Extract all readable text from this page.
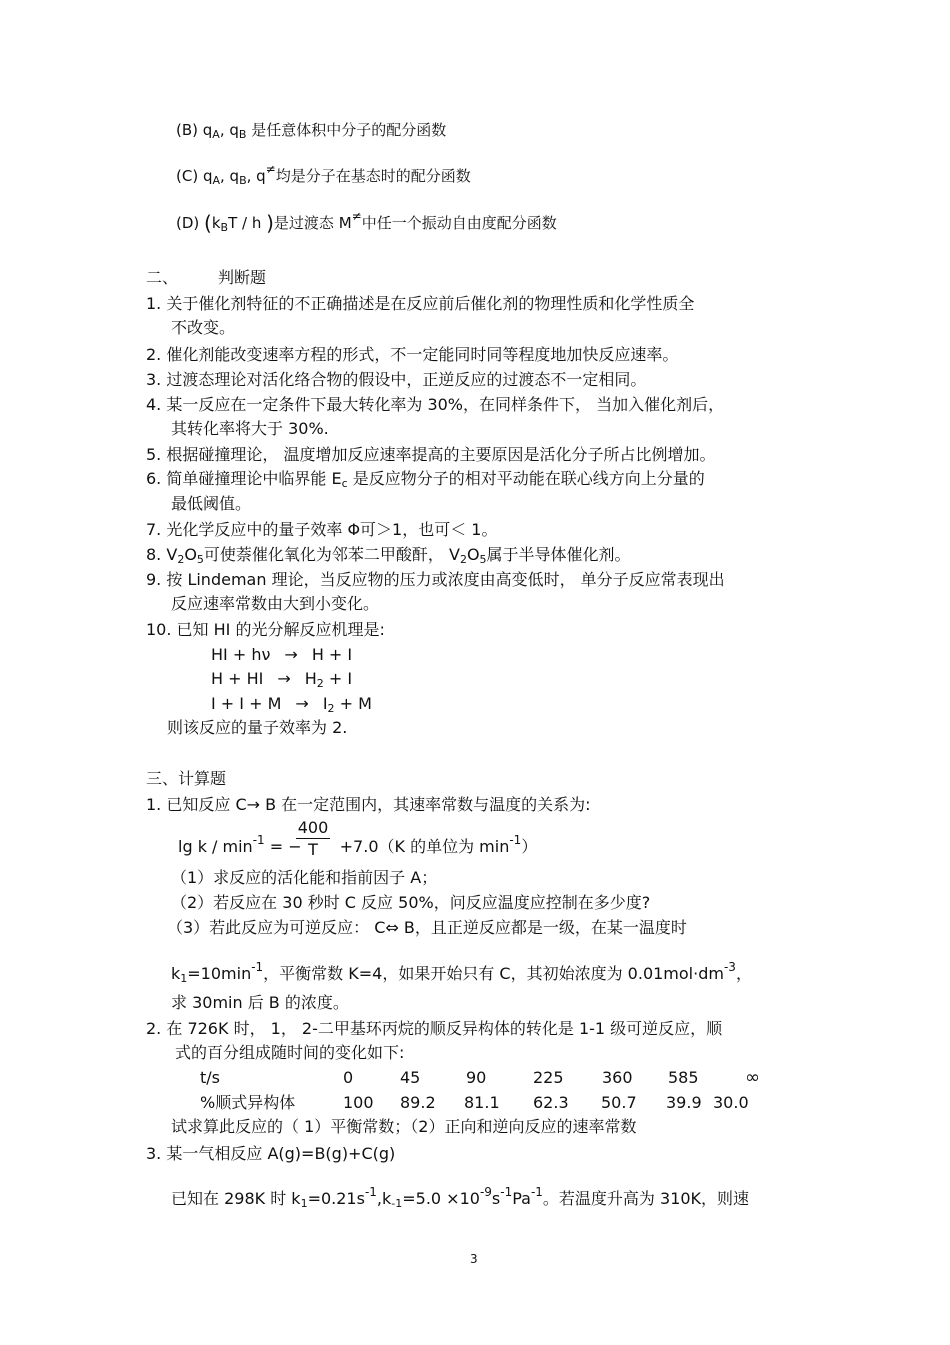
(B) $q_A$, $q_B$ 是任意体积中分子的配分函数
(C) $q_A$, $q_B$, q≠均是分子在基态时的配分函数
(D) ($k_BT$ / h )是过渡态 M≠中任一个振动自由度配分函数
二、	判断题
1. 关于催化剂特征的不正确描述是在反应前后催化剂的物理性质和化学性质全
不改变。
2. 催化剂能改变速率方程的形式，不一定能同时同等程度地加快反应速率。
3. 过渡态理论对活化络合物的假设中，正逆反应的过渡态不一定相同。
4. 某一反应在一定条件下最大转化率为 30%，在同样条件下， 当加入催化剂后，
其转化率将大于 30%.
5. 根据碰撞理论， 温度增加反应速率提高的主要原因是活化分子所占比例增加。
6. 简单碰撞理论中临界能 $E_c$ 是反应物分子的相对平动能在联心线方向上分量的
最低阈值。
7. 光化学反应中的量子效率 Φ可＞1，也可＜ 1。
8. $V_2O_5$可使萘催化氧化为邻苯二甲酸酐， $V_2O_5$属于半导体催化剂。
9. 按 Lindeman 理论，当反应物的压力或浓度由高变低时， 单分子反应常表现出
反应速率常数由大到小变化。
10. 已知 HI 的光分解反应机理是:
HI + hν → H + I
H + HI → $H_2 + I$
$I + I + M \to I_2 + M$
则该反应的量子效率为 2.
三、计算题
1. 已知反应 C→ B 在一定范围内，其速率常数与温度的关系为:
lg k / $\min^{-1}$ = − +7.0（K 的单位为 $\min^{-1}$）
$\frac{400}{T}$
（1）求反应的活化能和指前因子 A；
（2）若反应在 30 秒时 C 反应 50%，问反应温度应控制在多少度?
（3）若此反应为可逆反应： C⇔ B，且正逆反应都是一级，在某一温度时
$k_1=10\min^{-1}$，平衡常数 K=4，如果开始只有 C，其初始浓度为 $0.01mol\cdot dm^{-3}$，
求 30min 后 B 的浓度。
2. 在 726K 时， 1， 2-二甲基环丙烷的顺反异构体的转化是 1-1 级可逆反应，顺
式的百分组成随时间的变化如下:
t/s	0	45	90	225 360 585	∞
%顺式异构体	100 89.2 81.1 62.3 50.7 39.9 30.0
试求算此反应的（ 1）平衡常数；（2）正向和逆向反应的速率常数
3. 某一气相反应 A(g)=B(g)+C(g)
已知在 298K 时 $k_1=0.21s^{-1},k_{-1}=5.0 \times 10^{-9}s^{-1}Pa^{-1}$。若温度升高为 310K，则速
3
